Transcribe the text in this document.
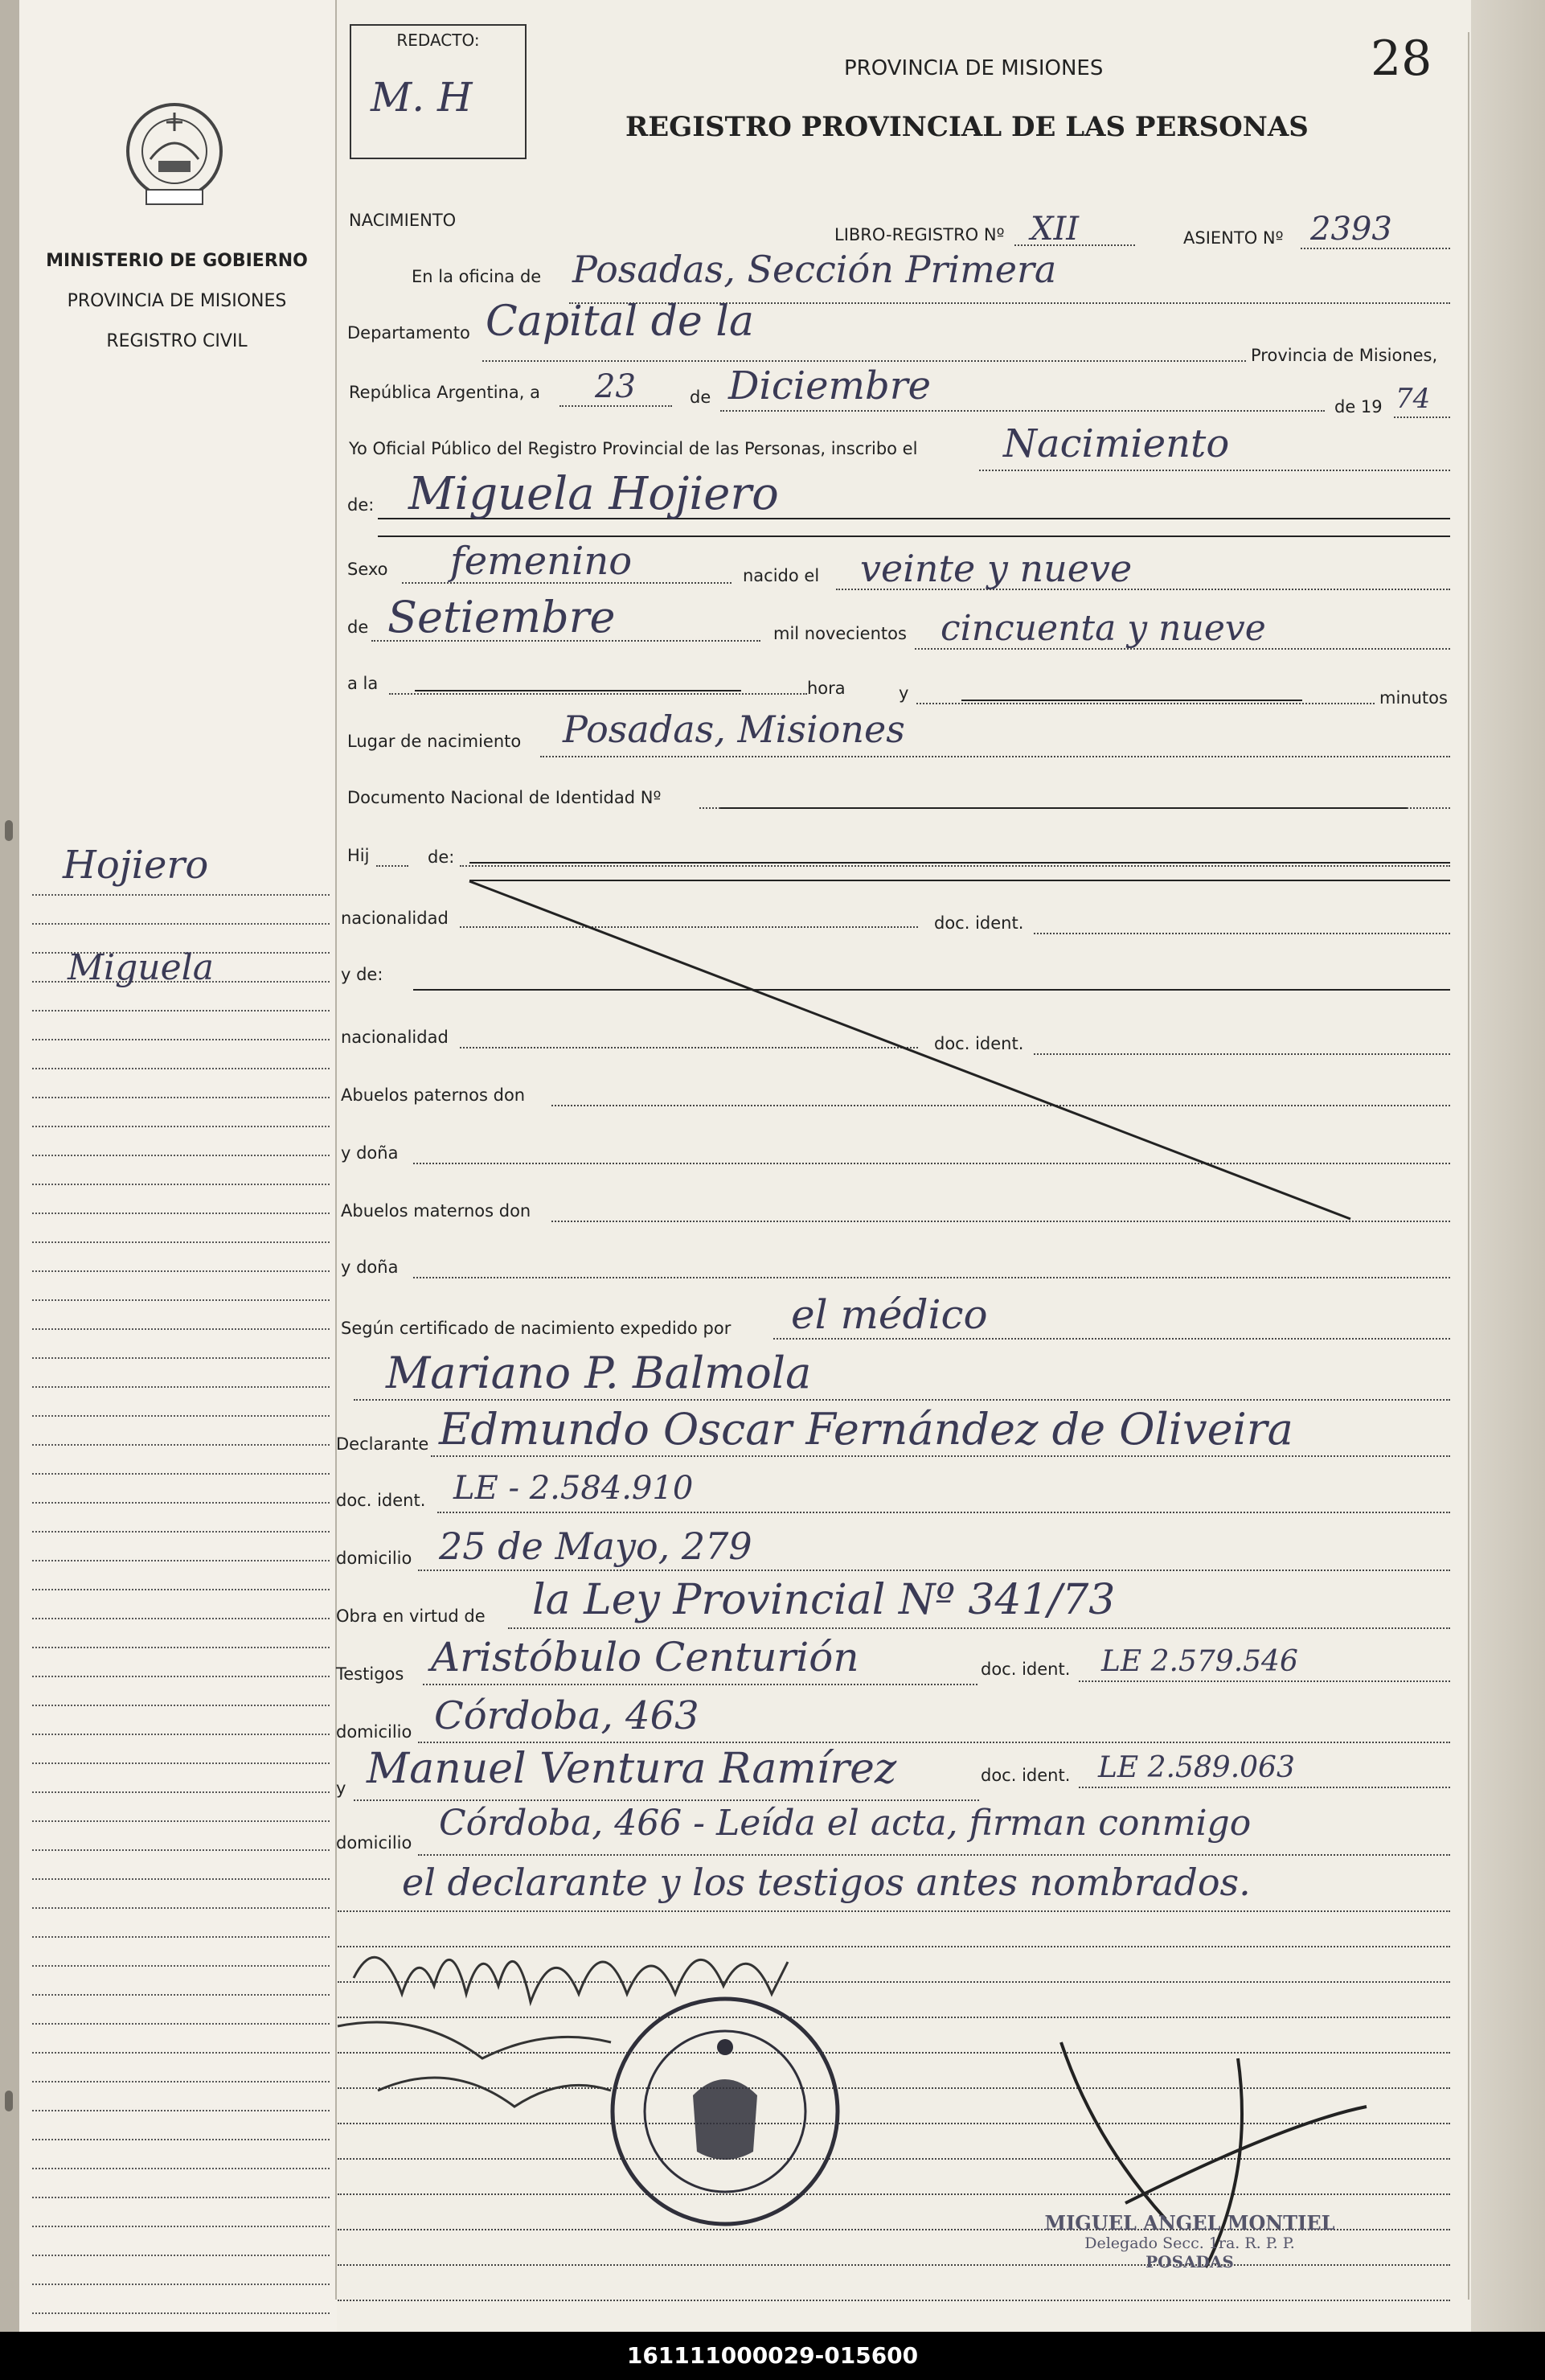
MINISTERIO DE GOBIERNO
PROVINCIA DE MISIONES
REGISTRO CIVIL
Hojiero
Miguela
REDACTO:
M. H
PROVINCIA DE MISIONES	28
REGISTRO PROVINCIAL DE LAS PERSONAS
NACIMIENTO
LIBRO-REGISTRO Nº XII	ASIENTO Nº 2393
En la oficina de Posadas, Sección Primera
Departamento Capital de la
Provincia de Misiones,
República Argentina, a 23	de Diciembre	de 19 74
Yo Oficial Público del Registro Provincial de las Personas, inscribo el Nacimiento
de: Miguela Hojiero
Sexo femenino	nacido el veinte y nueve
de Setiembre	mil novecientos cincuenta y nueve
a la	hora	y	minutos
Lugar de nacimiento Posadas, Misiones
Documento Nacional de Identidad Nº
Hij	de:
nacionalidad	doc. ident.
y de:
nacionalidad	doc. ident.
Abuelos paternos don
y doña
Abuelos maternos don
y doña
Según certificado de nacimiento expedido por el médico
Mariano P. Balmola
Declarante Edmundo Oscar Fernández de Oliveira
doc. ident. LE - 2.584.910
domicilio 25 de Mayo, 279
Obra en virtud de la Ley Provincial Nº 341/73
Testigos Aristóbulo Centurión	doc. ident. LE 2.579.546
domicilio Córdoba, 463
y Manuel Ventura Ramírez	doc. ident. LE 2.589.063
domicilio Córdoba, 466 - Leída el acta, firman conmigo
el declarante y los testigos antes nombrados.
MIGUEL ANGEL MONTIEL
Delegado Secc. 1ra. R. P. P.
POSADAS
161111000029-015600
